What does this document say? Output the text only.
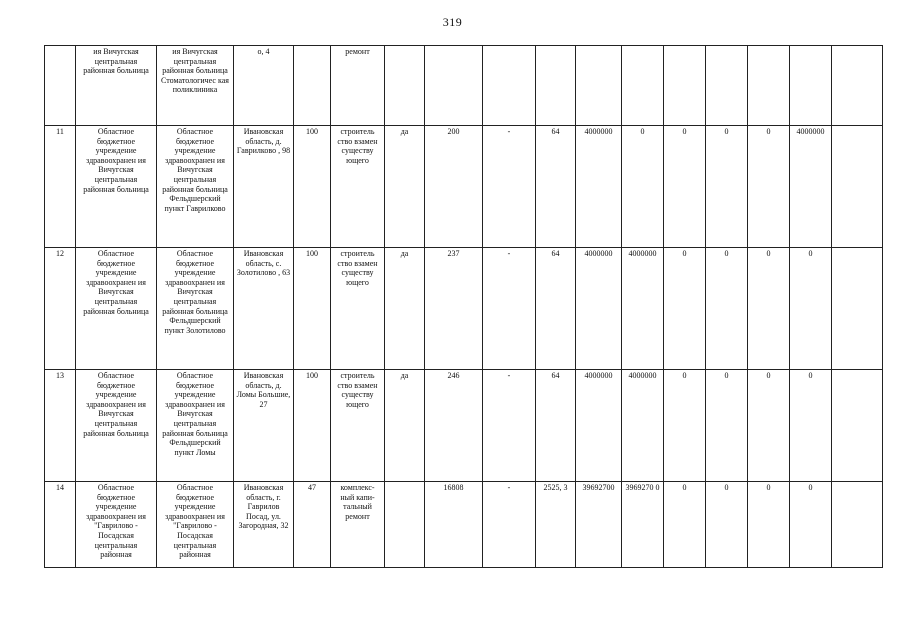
319
	ия Вичугская центральная районная больница	ия Вичугская центральная районная больница Стоматологичес кая поликлиника	о, 4		ремонт											
11	Областное бюджетное учреждение здравоохранен ия Вичугская центральная районная больница	Областное бюджетное учреждение здравоохранен ия Вичугская центральная районная больница Фельдшерский пункт Гаврилково	Ивановская область, д. Гаврилково , 98	100	строитель ство взамен существу ющего	да	200	-	64	4000000	0	0	0	0	4000000	
12	Областное бюджетное учреждение здравоохранен ия Вичугская центральная районная больница	Областное бюджетное учреждение здравоохранен ия Вичугская центральная районная больница Фельдшерский пункт Золотилово	Ивановская область, с. Золотилово , 63	100	строитель ство взамен существу ющего	да	237	-	64	4000000	4000000	0	0	0	0	
13	Областное бюджетное учреждение здравоохранен ия Вичугская центральная районная больница	Областное бюджетное учреждение здравоохранен ия Вичугская центральная районная больница Фельдшерский пункт Ломы	Ивановская область, д. Ломы Большие, 27	100	строитель ство взамен существу ющего	да	246	-	64	4000000	4000000	0	0	0	0	
14	Областное бюджетное учреждение здравоохранен ия "Гаврилово - Посадская центральная районная	Областное бюджетное учреждение здравоохранен ия "Гаврилово - Посадская центральная районная	Ивановская область, г. Гаврилов Посад, ул. Загородная, 32	47	комплекс- ный капи- тальный ремонт		16808	-	2525, 3	39692700	3969270 0	0	0	0	0	
